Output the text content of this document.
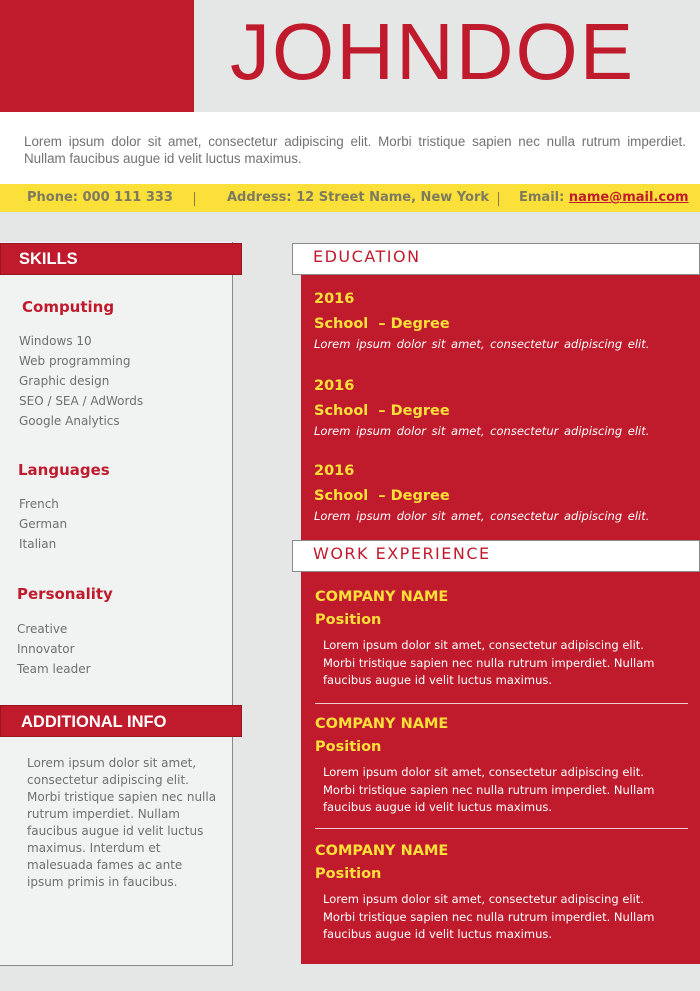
JOHNDOE
Lorem ipsum dolor sit amet, consectetur adipiscing elit. Morbi tristique sapien nec nulla rutrum imperdiet. Nullam faucibus augue id velit luctus maximus.
Phone: 000 111 333	Address: 12 Street Name, New York Email: name@mail.com
SKILLS
Computing
Windows 10
Web programming
Graphic design
SEO / SEA / AdWords
Google Analytics
Languages
French
German
Italian
Personality
Creative
Innovator
Team leader
ADDITIONAL INFO
Lorem ipsum dolor sit amet, consectetur adipiscing elit. Morbi tristique sapien nec nulla rutrum imperdiet. Nullam faucibus augue id velit luctus maximus. Interdum et malesuada fames ac ante ipsum primis in faucibus.
EDUCATION
2016
School  – Degree
Lorem ipsum dolor sit amet, consectetur adipiscing elit.
2016
School  – Degree
Lorem ipsum dolor sit amet, consectetur adipiscing elit.
2016
School  – Degree
Lorem ipsum dolor sit amet, consectetur adipiscing elit.
WORK EXPERIENCE
COMPANY NAME
Position
Lorem ipsum dolor sit amet, consectetur adipiscing elit. Morbi tristique sapien nec nulla rutrum imperdiet. Nullam faucibus augue id velit luctus maximus.
COMPANY NAME
Position
Lorem ipsum dolor sit amet, consectetur adipiscing elit. Morbi tristique sapien nec nulla rutrum imperdiet. Nullam faucibus augue id velit luctus maximus.
COMPANY NAME
Position
Lorem ipsum dolor sit amet, consectetur adipiscing elit. Morbi tristique sapien nec nulla rutrum imperdiet. Nullam faucibus augue id velit luctus maximus.
